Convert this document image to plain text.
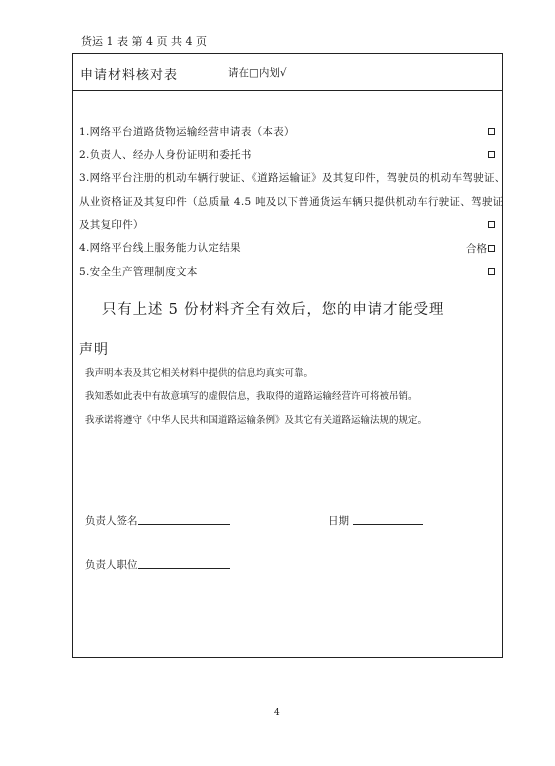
货运 1 表 第 4 页 共 4 页
申请材料核对表	请在□内划√
1.网络平台道路货物运输经营申请表（本表）
2.负责人、经办人身份证明和委托书
3.网络平台注册的机动车辆行驶证、《道路运输证》及其复印件，驾驶员的机动车驾驶证、
从业资格证及其复印件（总质量 4.5 吨及以下普通货运车辆只提供机动车行驶证、驾驶证
及其复印件）
4.网络平台线上服务能力认定结果	合格
5.安全生产管理制度文本
只有上述 5 份材料齐全有效后，您的申请才能受理
声明
我声明本表及其它相关材料中提供的信息均真实可靠。
我知悉如此表中有故意填写的虚假信息，我取得的道路运输经营许可将被吊销。
我承诺将遵守《中华人民共和国道路运输条例》及其它有关道路运输法规的规定。
负责人签名	日期
负责人职位
4
